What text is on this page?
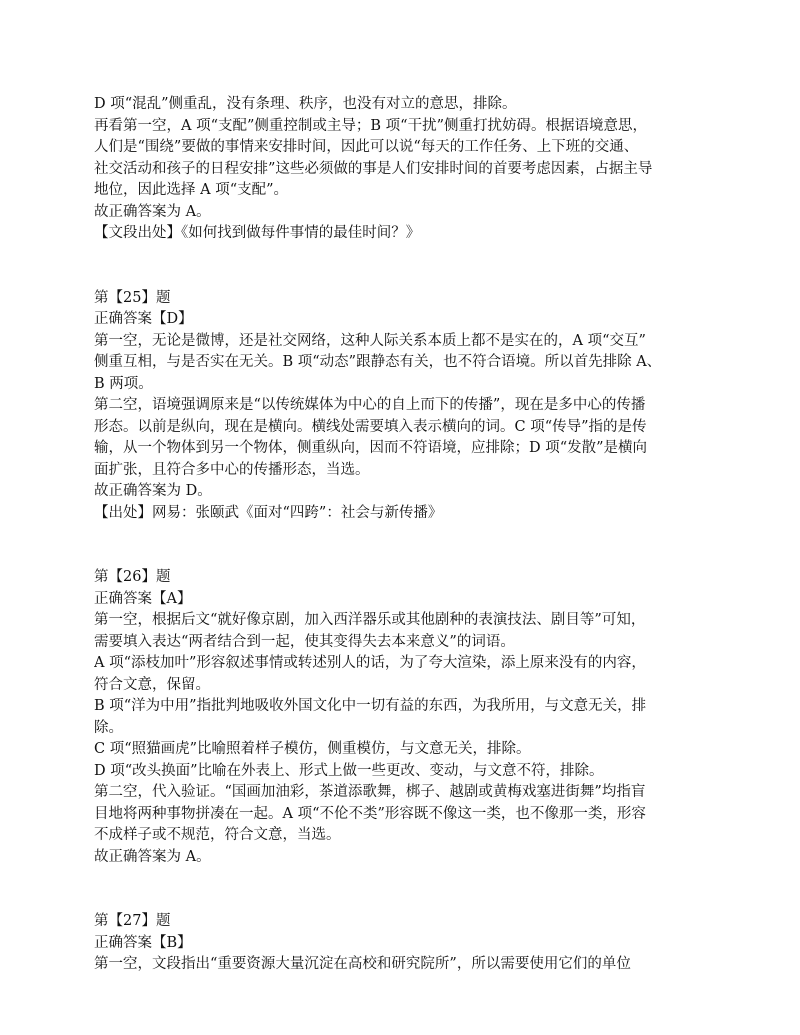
D 项“混乱”侧重乱，没有条理、秩序，也没有对立的意思，排除。
再看第一空，A 项“支配”侧重控制或主导；B 项“干扰”侧重打扰妨碍。根据语境意思，
人们是“围绕”要做的事情来安排时间，因此可以说“每天的工作任务、上下班的交通、
社交活动和孩子的日程安排”这些必须做的事是人们安排时间的首要考虑因素，占据主导
地位，因此选择 A 项“支配”。
故正确答案为 A。
【文段出处】《如何找到做每件事情的最佳时间？》
第【25】题
正确答案【D】
第一空，无论是微博，还是社交网络，这种人际关系本质上都不是实在的，A 项“交互”
侧重互相，与是否实在无关。B 项“动态”跟静态有关，也不符合语境。所以首先排除 A、
B 两项。
第二空，语境强调原来是“以传统媒体为中心的自上而下的传播”，现在是多中心的传播
形态。以前是纵向，现在是横向。横线处需要填入表示横向的词。C 项“传导”指的是传
输，从一个物体到另一个物体，侧重纵向，因而不符语境，应排除；D 项“发散”是横向
面扩张，且符合多中心的传播形态，当选。
故正确答案为 D。
【出处】网易：张颐武《面对“四跨”：社会与新传播》
第【26】题
正确答案【A】
第一空，根据后文“就好像京剧，加入西洋器乐或其他剧种的表演技法、剧目等”可知，
需要填入表达“两者结合到一起，使其变得失去本来意义”的词语。
A 项“添枝加叶”形容叙述事情或转述别人的话，为了夸大渲染，添上原来没有的内容，
符合文意，保留。
B 项“洋为中用”指批判地吸收外国文化中一切有益的东西，为我所用，与文意无关，排
除。
C 项“照猫画虎”比喻照着样子模仿，侧重模仿，与文意无关，排除。
D 项“改头换面”比喻在外表上、形式上做一些更改、变动，与文意不符，排除。
第二空，代入验证。“国画加油彩，茶道添歌舞，梆子、越剧或黄梅戏塞进街舞”均指盲
目地将两种事物拼凑在一起。A 项“不伦不类”形容既不像这一类，也不像那一类，形容
不成样子或不规范，符合文意，当选。
故正确答案为 A。
第【27】题
正确答案【B】
第一空，文段指出“重要资源大量沉淀在高校和研究院所”，所以需要使用它们的单位
